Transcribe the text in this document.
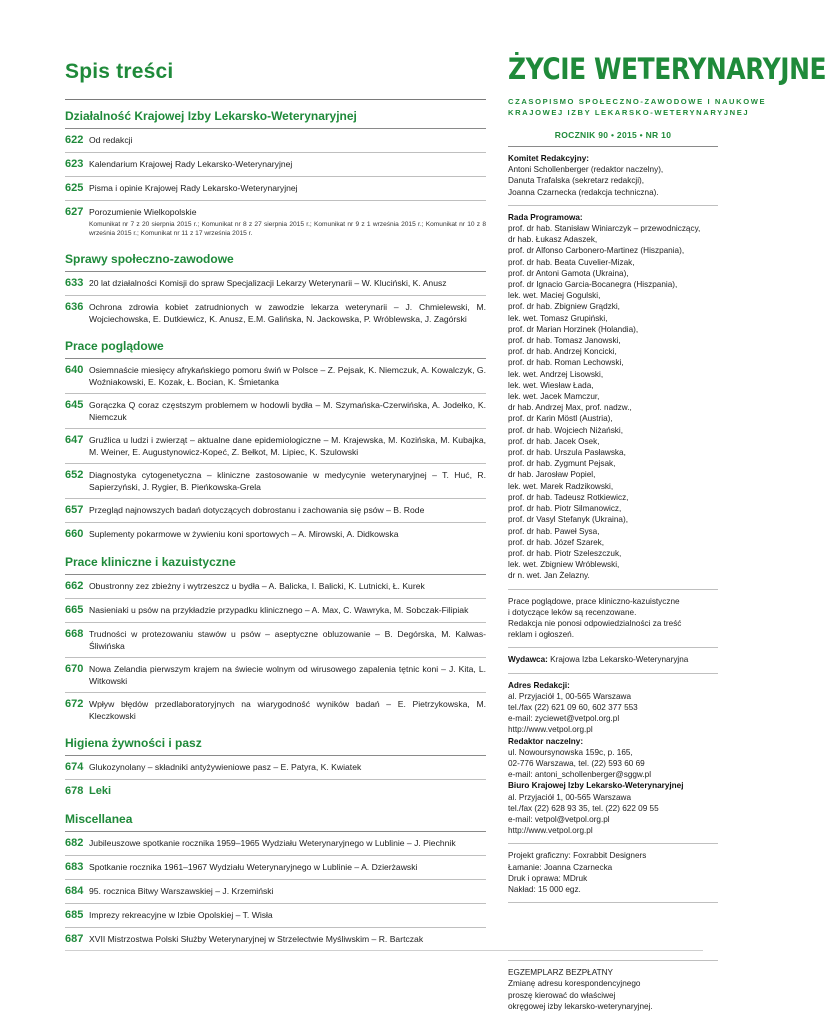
Spis treści
Działalność Krajowej Izby Lekarsko-Weterynaryjnej
622 Od redakcji
623 Kalendarium Krajowej Rady Lekarsko-Weterynaryjnej
625 Pisma i opinie Krajowej Rady Lekarsko-Weterynaryjnej
627 Porozumienie Wielkopolskie
Komunikat nr 7 z 20 sierpnia 2015 r.; Komunikat nr 8 z 27 sierpnia 2015 r.; Komunikat nr 9 z 1 września 2015 r.; Komunikat nr 10 z 8 września 2015 r.; Komunikat nr 11 z 17 września 2015 r.
Sprawy społeczno-zawodowe
633 20 lat działalności Komisji do spraw Specjalizacji Lekarzy Weterynarii – W. Kluciński, K. Anusz
636 Ochrona zdrowia kobiet zatrudnionych w zawodzie lekarza weterynarii – J. Chmielewski, M. Wojciechowska, E. Dutkiewicz, K. Anusz, E.M. Galińska, N. Jackowska, P. Wróblewska, J. Zagórski
Prace poglądowe
640 Osiemnaście miesięcy afrykańskiego pomoru świń w Polsce – Z. Pejsak, K. Niemczuk, A. Kowalczyk, G. Woźniakowski, E. Kozak, Ł. Bocian, K. Śmietanka
645 Gorączka Q coraz częstszym problemem w hodowli bydła – M. Szymańska-Czerwińska, A. Jodełko, K. Niemczuk
647 Gruźlica u ludzi i zwierząt – aktualne dane epidemiologiczne – M. Krajewska, M. Kozińska, M. Kubajka, M. Weiner, E. Augustynowicz-Kopeć, Z. Bełkot, M. Lipiec, K. Szulowski
652 Diagnostyka cytogenetyczna – kliniczne zastosowanie w medycynie weterynaryjnej – T. Huć, R. Sapierzyński, J. Rygier, B. Pieńkowska-Grela
657 Przegląd najnowszych badań dotyczących dobrostanu i zachowania się psów – B. Rode
660 Suplementy pokarmowe w żywieniu koni sportowych – A. Mirowski, A. Didkowska
Prace kliniczne i kazuistyczne
662 Obustronny zez zbieżny i wytrzeszcz u bydła – A. Balicka, I. Balicki, K. Lutnicki, Ł. Kurek
665 Nasieniaki u psów na przykładzie przypadku klinicznego – A. Max, C. Wawryka, M. Sobczak-Filipiak
668 Trudności w protezowaniu stawów u psów – aseptyczne obluzowanie – B. Degórska, M. Kalwas- Śliwińska
670 Nowa Zelandia pierwszym krajem na świecie wolnym od wirusowego zapalenia tętnic koni – J. Kita, L. Witkowski
672 Wpływ błędów przedlaboratoryjnych na wiarygodność wyników badań – E. Pietrzykowska, M. Kleczkowski
Higiena żywności i pasz
674 Glukozynolany – składniki antyżywieniowe pasz – E. Patyra, K. Kwiatek
678 Leki
Miscellanea
682 Jubileuszowe spotkanie rocznika 1959–1965 Wydziału Weterynaryjnego w Lublinie – J. Piechnik
683 Spotkanie rocznika 1961–1967 Wydziału Weterynaryjnego w Lublinie – A. Dzierżawski
684 95. rocznica Bitwy Warszawskiej – J. Krzemiński
685 Imprezy rekreacyjne w Izbie Opolskiej – T. Wisła
687 XVII Mistrzostwa Polski Służby Weterynaryjnej w Strzelectwie Myśliwskim – R. Bartczak
ŻYCIE WETERYNARYJNE
CZASOPISMO SPOŁECZNO-ZAWODOWE I NAUKOWE
KRAJOWEJ IZBY LEKARSKO-WETERYNARYJNEJ
ROCZNIK 90 • 2015 • NR 10
Komitet Redakcyjny:
Antoni Schollenberger (redaktor naczelny),
Danuta Trafalska (sekretarz redakcji),
Joanna Czarnecka (redakcja techniczna).
Rada Programowa:
prof. dr hab. Stanisław Winiarczyk – przewodniczący,
dr hab. Łukasz Adaszek,
prof. dr Alfonso Carbonero-Martinez (Hiszpania),
prof. dr hab. Beata Cuvelier-Mizak,
prof. dr Antoni Gamota (Ukraina),
prof. dr Ignacio Garcia-Bocanegra (Hiszpania),
lek. wet. Maciej Gogulski,
prof. dr hab. Zbigniew Grądzki,
lek. wet. Tomasz Grupiński,
prof. dr Marian Horzinek (Holandia),
prof. dr hab. Tomasz Janowski,
prof. dr hab. Andrzej Koncicki,
prof. dr hab. Roman Lechowski,
lek. wet. Andrzej Lisowski,
lek. wet. Wiesław Łada,
lek. wet. Jacek Mamczur,
dr hab. Andrzej Max, prof. nadzw.,
prof. dr Karin Möstl (Austria),
prof. dr hab. Wojciech Niżański,
prof. dr hab. Jacek Osek,
prof. dr hab. Urszula Pasławska,
prof. dr hab. Zygmunt Pejsak,
dr hab. Jarosław Popiel,
lek. wet. Marek Radzikowski,
prof. dr hab. Tadeusz Rotkiewicz,
prof. dr hab. Piotr Silmanowicz,
prof. dr Vasyl Stefanyk (Ukraina),
prof. dr hab. Paweł Sysa,
prof. dr hab. Józef Szarek,
prof. dr hab. Piotr Szeleszczuk,
lek. wet. Zbigniew Wróblewski,
dr n. wet. Jan Żelazny.
Prace poglądowe, prace kliniczno-kazuistyczne
i dotyczące leków są recenzowane.
Redakcja nie ponosi odpowiedzialności za treść
reklam i ogłoszeń.
Wydawca: Krajowa Izba Lekarsko-Weterynaryjna
Adres Redakcji:
al. Przyjaciół 1, 00-565 Warszawa
tel./fax (22) 621 09 60, 602 377 553
e-mail: zyciewet@vetpol.org.pl
http://www.vetpol.org.pl
Redaktor naczelny:
ul. Nowoursynowska 159c, p. 165,
02-776 Warszawa, tel. (22) 593 60 69
e-mail: antoni_schollenberger@sggw.pl
Biuro Krajowej Izby Lekarsko-Weterynaryjnej
al. Przyjaciół 1, 00-565 Warszawa
tel./fax (22) 628 93 35, tel. (22) 622 09 55
e-mail: vetpol@vetpol.org.pl
http://www.vetpol.org.pl
Projekt graficzny: Foxrabbit Designers
Łamanie: Joanna Czarnecka
Druk i oprawa: MDruk
Nakład: 15 000 egz.
EGZEMPLARZ BEZPŁATNY
Zmianę adresu korespondencyjnego
proszę kierować do właściwej
okręgowej izby lekarsko-weterynaryjnej.
